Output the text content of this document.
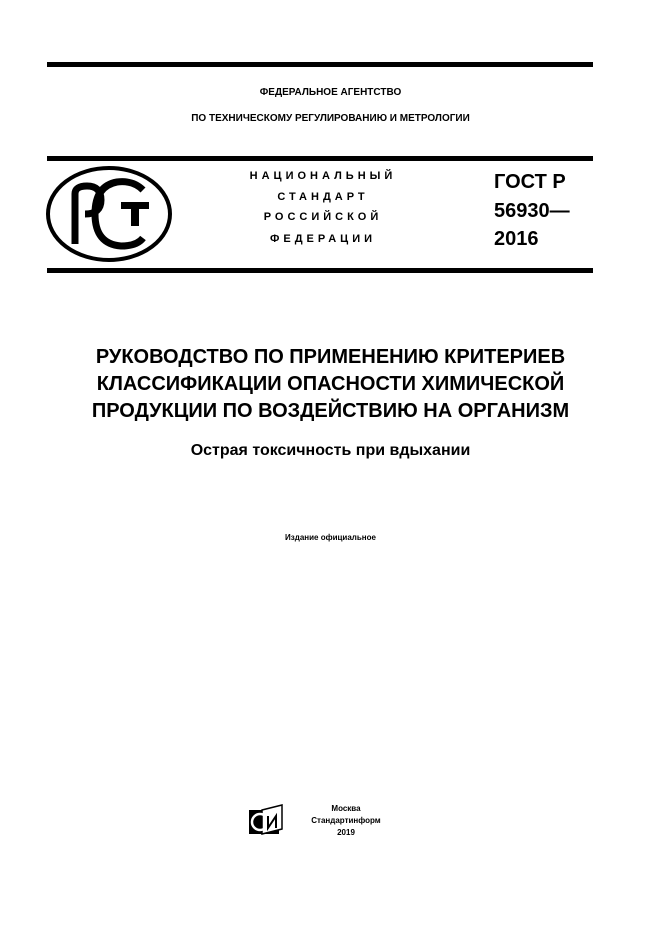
ФЕДЕРАЛЬНОЕ АГЕНТСТВО
ПО ТЕХНИЧЕСКОМУ РЕГУЛИРОВАНИЮ И МЕТРОЛОГИИ
НАЦИОНАЛЬНЫЙ
СТАНДАРТ
РОССИЙСКОЙ
ФЕДЕРАЦИИ
ГОСТ Р
56930—
2016
РУКОВОДСТВО ПО ПРИМЕНЕНИЮ КРИТЕРИЕВ
КЛАССИФИКАЦИИ ОПАСНОСТИ ХИМИЧЕСКОЙ
ПРОДУКЦИИ ПО ВОЗДЕЙСТВИЮ НА ОРГАНИЗМ
Острая токсичность при вдыхании
Издание официальное
Москва
Стандартинформ
2019
